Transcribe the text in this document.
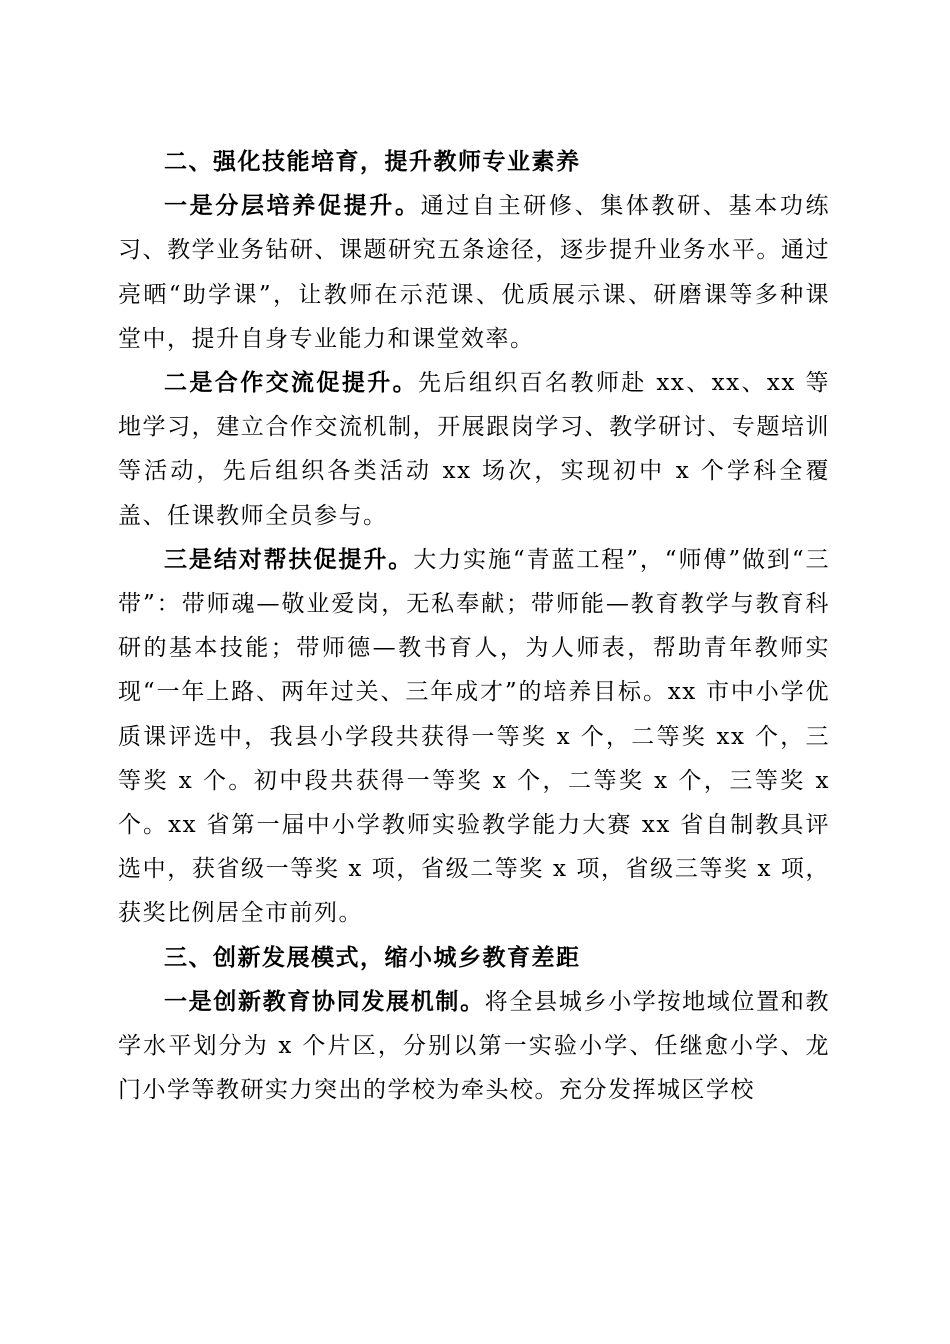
二、强化技能培育，提升教师专业素养

一是分层培养促提升。通过自主研修、集体教研、基本功练习、教学业务钻研、课题研究五条途径，逐步提升业务水平。通过亮晒“助学课”，让教师在示范课、优质展示课、研磨课等多种课堂中，提升自身专业能力和课堂效率。

二是合作交流促提升。先后组织百名教师赴 xx、xx、xx 等地学习，建立合作交流机制，开展跟岗学习、教学研讨、专题培训等活动，先后组织各类活动 xx 场次，实现初中 x 个学科全覆盖、任课教师全员参与。

三是结对帮扶促提升。大力实施“青蓝工程”，“师傅”做到“三带”：带师魂—敬业爱岗，无私奉献；带师能—教育教学与教育科研的基本技能；带师德—教书育人，为人师表，帮助青年教师实现“一年上路、两年过关、三年成才”的培养目标。xx 市中小学优质课评选中，我县小学段共获得一等奖 x 个，二等奖 xx 个，三等奖 x 个。初中段共获得一等奖 x 个，二等奖 x 个，三等奖 x 个。xx 省第一届中小学教师实验教学能力大赛 xx 省自制教具评选中，获省级一等奖 x 项，省级二等奖 x 项，省级三等奖 x 项，获奖比例居全市前列。

三、创新发展模式，缩小城乡教育差距

一是创新教育协同发展机制。将全县城乡小学按地域位置和教学水平划分为 x 个片区，分别以第一实验小学、任继愈小学、龙门小学等教研实力突出的学校为牵头校。充分发挥城区学校
